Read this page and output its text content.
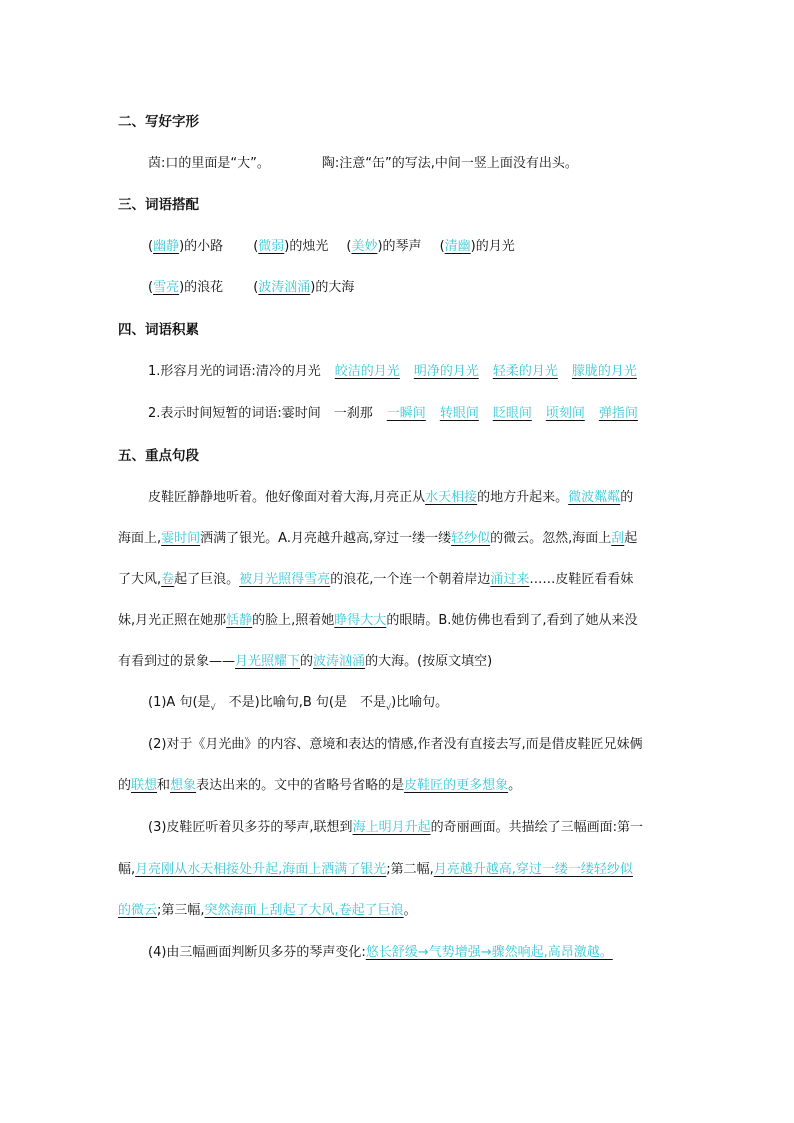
二、写好字形
茵:口的里面是“大”。	陶:注意“缶”的写法,中间一竖上面没有出头。
三、词语搭配
(幽静)的小路 (微弱)的烛光 (美妙)的琴声 (清幽)的月光
(雪亮)的浪花 (波涛汹涌)的大海
四、词语积累
1.形容月光的词语:清冷的月光 皎洁的月光 明净的月光 轻柔的月光 朦胧的月光
2.表示时间短暂的词语:霎时间　一刹那 一瞬间 转眼间 眨眼间 顷刻间 弹指间
五、重点句段
皮鞋匠静静地听着。他好像面对着大海,月亮正从水天相接的地方升起来。微波粼粼的
海面上,霎时间洒满了银光。A.月亮越升越高,穿过一缕一缕轻纱似的微云。忽然,海面上刮起
了大风,卷起了巨浪。被月光照得雪亮的浪花,一个连一个朝着岸边涌过来……皮鞋匠看看妹
妹,月光正照在她那恬静的脸上,照着她睁得大大的眼睛。B.她仿佛也看到了,看到了她从来没
有看到过的景象——月光照耀下的波涛汹涌的大海。(按原文填空)
(1)A 句(是$_√$　不是)比喻句,B 句(是　不是$_√$)比喻句。
(2)对于《月光曲》的内容、意境和表达的情感,作者没有直接去写,而是借皮鞋匠兄妹俩
的联想和想象表达出来的。文中的省略号省略的是皮鞋匠的更多想象。
(3)皮鞋匠听着贝多芬的琴声,联想到海上明月升起的奇丽画面。共描绘了三幅画面:第一
幅,月亮刚从水天相接处升起,海面上洒满了银光;第二幅,月亮越升越高,穿过一缕一缕轻纱似
的微云;第三幅,突然海面上刮起了大风,卷起了巨浪。
(4)由三幅画面判断贝多芬的琴声变化:悠长舒缓→气势增强→骤然响起,高昂激越。
